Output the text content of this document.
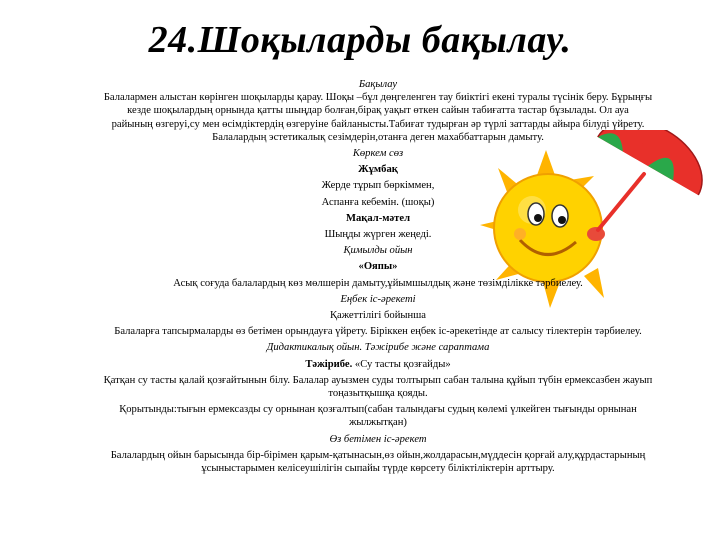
24.Шоқыларды бақылау.

Бақылау

Балалармен алыстан көрінген шоқыларды қарау. Шоқы –бұл дөңгеленген тау биіктігі екені туралы түсінік беру. Бұрыңғы

кезде шоқылардың орнында қатты шыңдар болған,бірақ уақыт өткен сайын табиғатта тастар бұзылады. Ол ауа

райының өзгеруі,су мен өсімдіктердің өзгеруіне байланысты.Табиғат тудырған әр түрлі заттарды айыра білуді үйрету.

Балалардың эстетикалық сезімдерін,отанға деген махаббаттарын дамыту.

Көркем сөз

Жұмбақ

Жерде тұрып бөркіммен,

Аспанға кебемін. (шоқы)

Мақал-мәтел

Шыңды жүрген жеңеді.

Қимылды ойын

«Ояпы»

Асық соғуда балалардың көз мөлшерін дамыту,ұйымшылдық және төзімділікке тәрбиелеу.

Еңбек іс-әрекеті

Қажеттілігі бойынша

Балаларға тапсырмаларды өз бетімен орындауға үйрету. Біріккен еңбек іс-әрекетінде ат салысу тілектерін тәрбиелеу.

Дидактикалық ойын. Тәжірибе және сараптама

Тәжірибе. «Су тасты қозғайды»

Қатқан су тасты қалай қозғайтынын білу. Балалар ауызмен суды толтырып сабан талына құйып түбін ермексазбен жауып

тоңазытқышқа қояды.

Қорытынды:тығын ермексазды су орнынан қозғалтып(сабан талындағы судың көлемі үлкейген тығынды орнынан

жылжытқан)

Өз бетімен іс-әрекет

Балалардың ойын барысында бір-бірімен қарым-қатынасын,өз ойын,жолдарасын,мүддесін қорғай алу,құрдастарының

ұсыныстарымен келісеушілігін сыпайы түрде көрсету біліктіліктерін арттыру.
